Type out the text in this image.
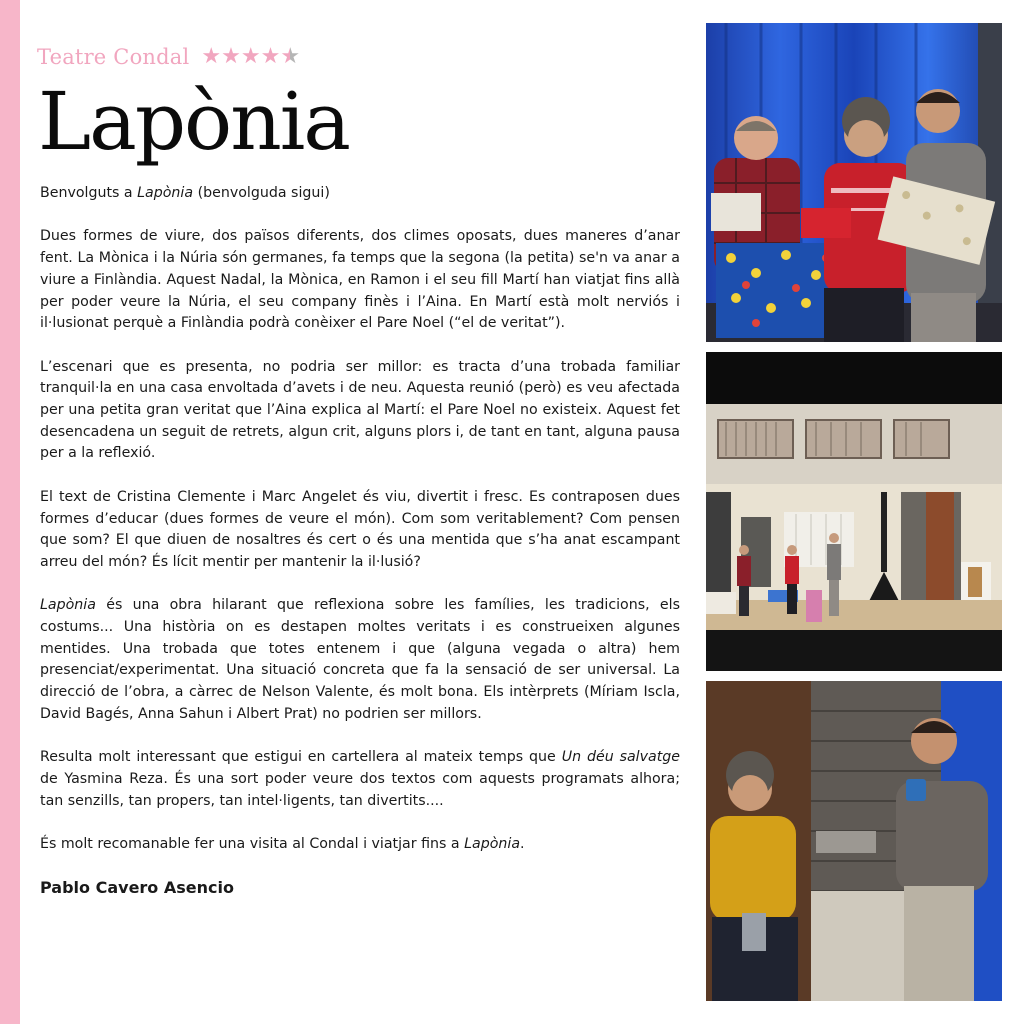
Teatre Condal ★★★★★
Lapònia

Benvolguts a Lapònia (benvolguda sigui)

Dues formes de viure, dos països diferents, dos climes oposats, dues maneres d’anar fent. La Mònica i la Núria són germanes, fa temps que la segona (la petita) se'n va anar a viure a Finlàndia. Aquest Nadal, la Mònica, en Ramon i el seu fill Martí han viatjat fins allà per poder veure la Núria, el seu company finès i l’Aina. En Martí està molt nerviós i il·lusionat perquè a Finlàndia podrà conèixer el Pare Noel (“el de veritat”).

L’escenari que es presenta, no podria ser millor: es tracta d’una trobada familiar tranquil·la en una casa envoltada d’avets i de neu. Aquesta reunió (però) es veu afectada per una petita gran veritat que l’Aina explica al Martí: el Pare Noel no existeix. Aquest fet desencadena un seguit de retrets, algun crit, alguns plors i, de tant en tant, alguna pausa per a la reflexió.

El text de Cristina Clemente i Marc Angelet és viu, divertit i fresc. Es contraposen dues formes d’educar (dues formes de veure el món). Com som veritablement? Com pensen que som? El que diuen de nosaltres és cert o és una mentida que s’ha anat escampant arreu del món? És lícit mentir per mantenir la il·lusió?

Lapònia és una obra hilarant que reflexiona sobre les famílies, les tradicions, els costums... Una història on es destapen moltes veritats i es construeixen algunes mentides. Una trobada que totes entenem i que (alguna vegada o altra) hem presenciat/experimentat. Una situació concreta que fa la sensació de ser universal. La direcció de l’obra, a càrrec de Nelson Valente, és molt bona. Els intèrprets (Míriam Iscla, David Bagés, Anna Sahun i Albert Prat) no podrien ser millors.

Resulta molt interessant que estigui en cartellera al mateix temps que Un déu salvatge de Yasmina Reza. És una sort poder veure dos textos com aquests programats alhora; tan senzills, tan propers, tan intel·ligents, tan divertits....

És molt recomanable fer una visita al Condal i viatjar fins a Lapònia.

Pablo Cavero Asencio
